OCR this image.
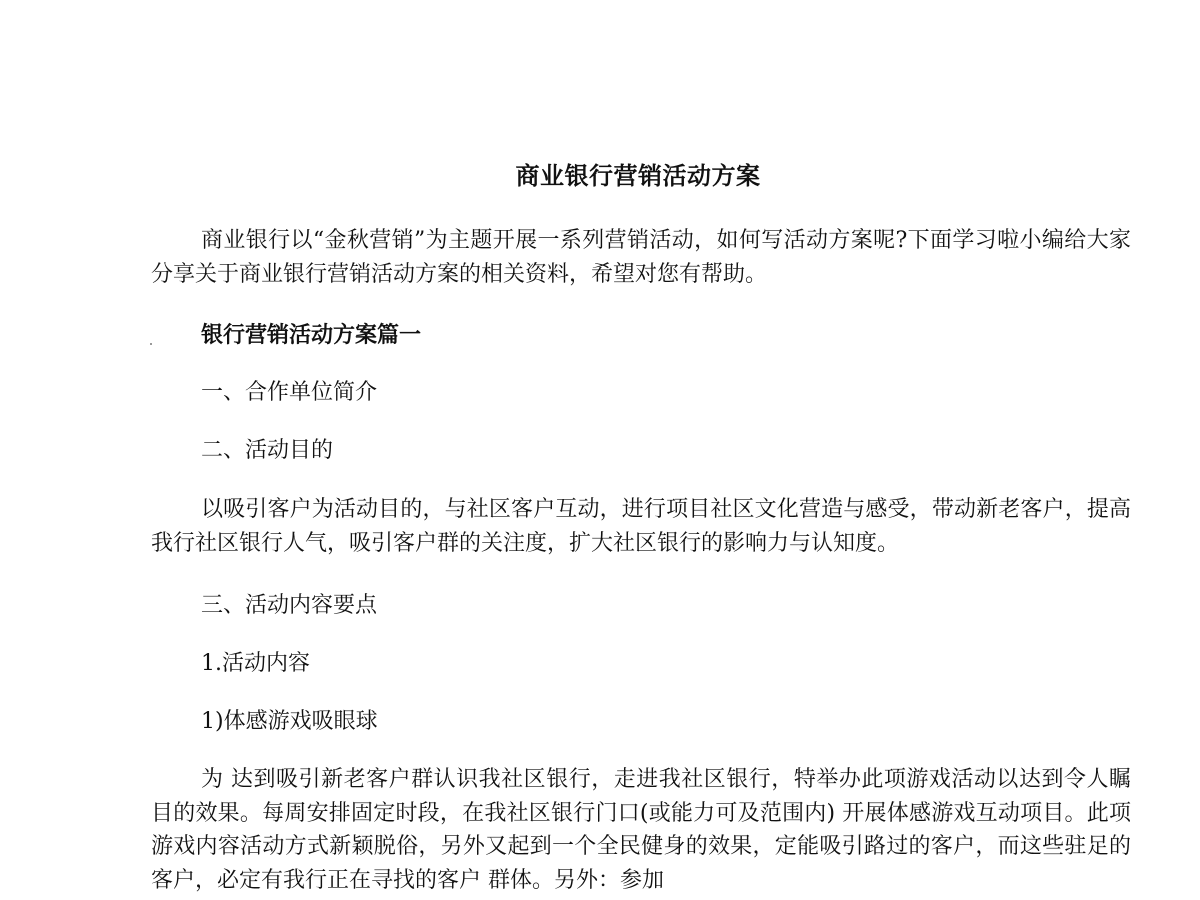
商业银行营销活动方案

商业银行以“金秋营销”为主题开展一系列营销活动，如何写活动方案呢?下面学习啦小编给大家分享关于商业银行营销活动方案的相关资料，希望对您有帮助。

银行营销活动方案篇一
一、合作单位简介
二、活动目的

以吸引客户为活动目的，与社区客户互动，进行项目社区文化营造与感受，带动新老客户，提高我行社区银行人气，吸引客户群的关注度，扩大社区银行的影响力与认知度。

三、活动内容要点
1.活动内容
1)体感游戏吸眼球

为 达到吸引新老客户群认识我社区银行，走进我社区银行，特举办此项游戏活动以达到令人瞩目的效果。每周安排固定时段，在我社区银行门口(或能力可及范围内) 开展体感游戏互动项目。此项游戏内容活动方式新颖脱俗，另外又起到一个全民健身的效果，定能吸引路过的客户，而这些驻足的客户，必定有我行正在寻找的客户 群体。另外：参加
